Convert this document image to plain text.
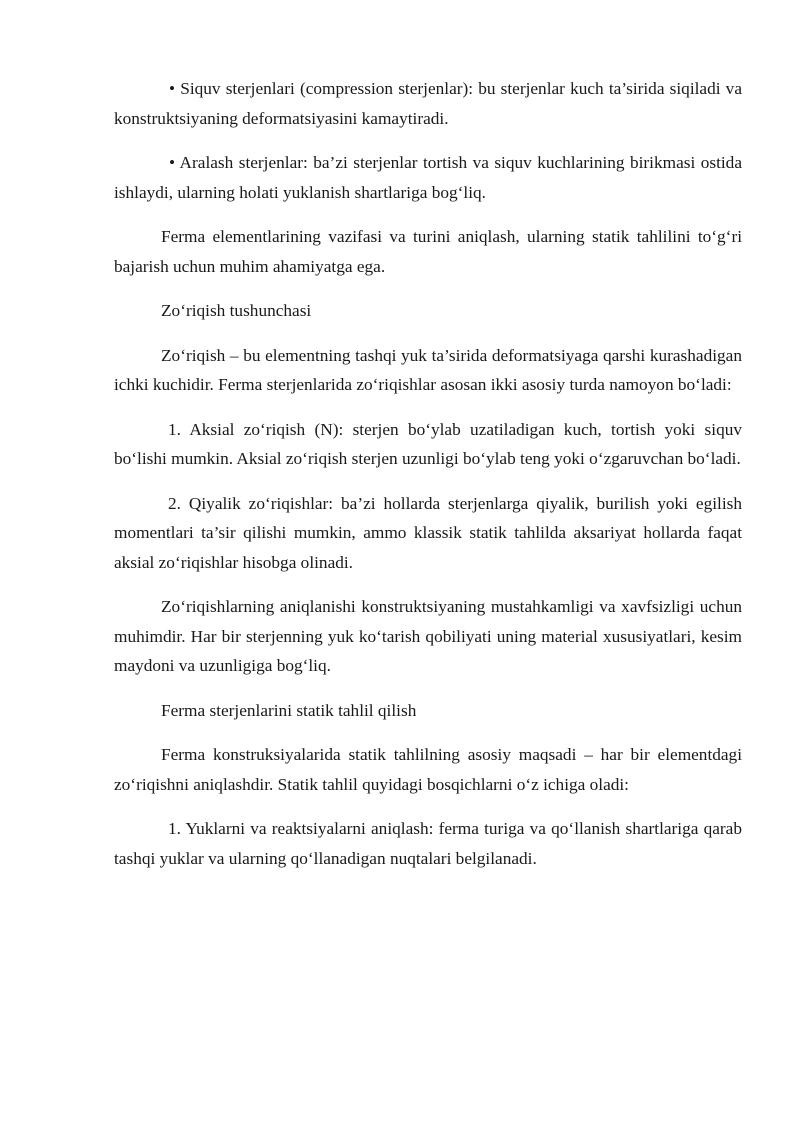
• Siquv sterjenlari (compression sterjenlar): bu sterjenlar kuch ta’sirida siqiladi va konstruktsiyaning deformatsiyasini kamaytiradi.

• Aralash sterjenlar: ba’zi sterjenlar tortish va siquv kuchlarining birikmasi ostida ishlaydi, ularning holati yuklanish shartlariga bog‘liq.

Ferma elementlarining vazifasi va turini aniqlash, ularning statik tahlilini to‘g‘ri bajarish uchun muhim ahamiyatga ega.

Zo‘riqish tushunchasi

Zo‘riqish – bu elementning tashqi yuk ta’sirida deformatsiyaga qarshi kurashadigan ichki kuchidir. Ferma sterjenlarida zo‘riqishlar asosan ikki asosiy turda namoyon bo‘ladi:

1. Aksial zo‘riqish (N): sterjen bo‘ylab uzatiladigan kuch, tortish yoki siquv bo‘lishi mumkin. Aksial zo‘riqish sterjen uzunligi bo‘ylab teng yoki o‘zgaruvchan bo‘ladi.

2. Qiyalik zo‘riqishlar: ba’zi hollarda sterjenlarga qiyalik, burilish yoki egilish momentlari ta’sir qilishi mumkin, ammo klassik statik tahlilda aksariyat hollarda faqat aksial zo‘riqishlar hisobga olinadi.

Zo‘riqishlarning aniqlanishi konstruktsiyaning mustahkamligi va xavfsizligi uchun muhimdir. Har bir sterjenning yuk ko‘tarish qobiliyati uning material xususiyatlari, kesim maydoni va uzunligiga bog‘liq.

Ferma sterjenlarini statik tahlil qilish

Ferma konstruksiyalarida statik tahlilning asosiy maqsadi – har bir elementdagi zo‘riqishni aniqlashdir. Statik tahlil quyidagi bosqichlarni o‘z ichiga oladi:

1. Yuklarni va reaktsiyalarni aniqlash: ferma turiga va qo‘llanish shartlariga qarab tashqi yuklar va ularning qo‘llanadigan nuqtalari belgilanadi.
